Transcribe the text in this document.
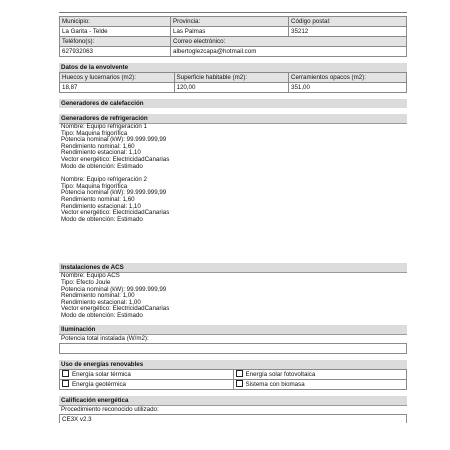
Municipio:	Provincia:	Código postal:
La Garita - Telde	Las Palmas	35212
Teléfono(s):	Correo electrónico:	
627932063	albertoglezcapa@hotmail.com	
Datos de la envolvente
Huecos y lucernarios (m2):	Superficie habitable (m2):	Cerramientos opacos (m2):
18,87	120,00	351,00
Generadores de calefacción
Generadores de refrigeración
Nombre: Equipo refrigeración 1
Tipo: Maquina frigorífica
Potencia nominal (kW): 99.999.999,99
Rendimiento nominal: 1,60
Rendimiento estacional: 1,10
Vector energético: ElectricidadCanarias
Modo de obtención: Estimado
Nombre: Equipo refrigeración 2
Tipo: Maquina frigorífica
Potencia nominal (kW): 99.999.999,99
Rendimiento nominal: 1,60
Rendimiento estacional: 1,10
Vector energético: ElectricidadCanarias
Modo de obtención: Estimado
Instalaciones de ACS
Nombre: Equipo ACS
Tipo: Efecto Joule
Potencia nominal (kW): 99.999.999,99
Rendimiento nominal: 1,00
Rendimiento estacional: 1,00
Vector energético: ElectricidadCanarias
Modo de obtención: Estimado
Iluminación
Potencia total instalada (W/m2):
Uso de energías renovables
Energía solar térmica	Energía solar fotovoltaica
Energía geotérmica	Sistema con biomasa
Calificación energética
Procedimiento reconocido utilizado:
CE3X v2.3
